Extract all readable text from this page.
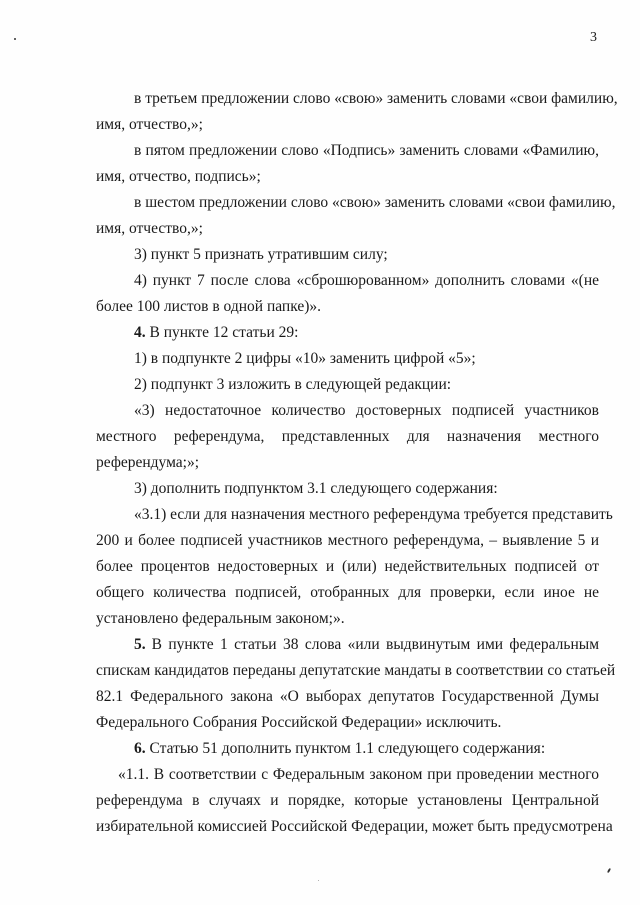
3
в третьем предложении слово «свою» заменить словами «свои фамилию,
имя, отчество,»;
в пятом предложении слово «Подпись» заменить словами «Фамилию,
имя, отчество, подпись»;
в шестом предложении слово «свою» заменить словами «свои фамилию,
имя, отчество,»;
3) пункт 5 признать утратившим силу;
4) пункт 7 после слова «сброшюрованном» дополнить словами «(не
более 100 листов в одной папке)».
4. В пункте 12 статьи 29:
1) в подпункте 2 цифры «10» заменить цифрой «5»;
2) подпункт 3 изложить в следующей редакции:
«3) недостаточное количество достоверных подписей участников
местного референдума, представленных для назначения местного
референдума;»;
3) дополнить подпунктом 3.1 следующего содержания:
«3.1) если для назначения местного референдума требуется представить
200 и более подписей участников местного референдума, – выявление 5 и
более процентов недостоверных и (или) недействительных подписей от
общего количества подписей, отобранных для проверки, если иное не
установлено федеральным законом;».
5. В пункте 1 статьи 38 слова «или выдвинутым ими федеральным
спискам кандидатов переданы депутатские мандаты в соответствии со статьей
82.1 Федерального закона «О выборах депутатов Государственной Думы
Федерального Собрания Российской Федерации» исключить.
6. Статью 51 дополнить пунктом 1.1 следующего содержания:
«1.1. В соответствии с Федеральным законом при проведении местного
референдума в случаях и порядке, которые установлены Центральной
избирательной комиссией Российской Федерации, может быть предусмотрена
